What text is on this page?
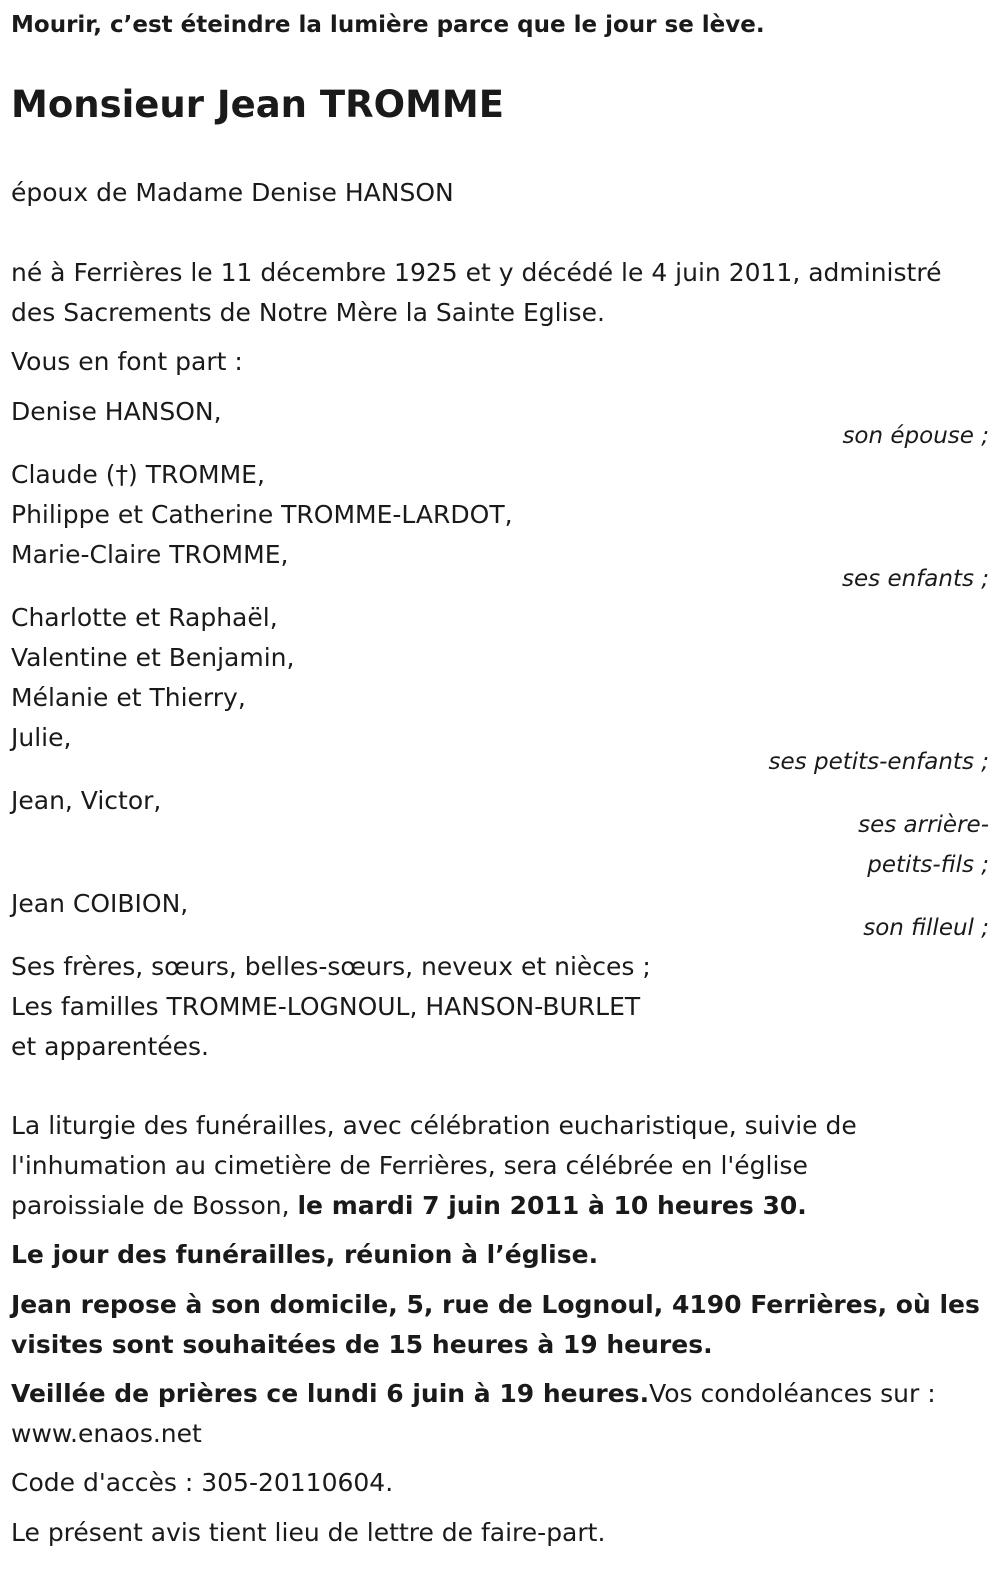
Mourir, c’est éteindre la lumière parce que le jour se lève.
Monsieur Jean TROMME
époux de Madame Denise HANSON
né à Ferrières le 11 décembre 1925 et y décédé le 4 juin 2011, administré
des Sacrements de Notre Mère la Sainte Eglise.
Vous en font part :
Denise HANSON,
son épouse ;
Claude (†) TROMME,
Philippe et Catherine TROMME-LARDOT,
Marie-Claire TROMME,
ses enfants ;
Charlotte et Raphaël,
Valentine et Benjamin,
Mélanie et Thierry,
Julie,
ses petits-enfants ;
Jean, Victor,
ses arrière-
petits-fils ;
Jean COIBION,
son filleul ;
Ses frères, sœurs, belles-sœurs, neveux et nièces ;
Les familles TROMME-LOGNOUL, HANSON-BURLET
et apparentées.
La liturgie des funérailles, avec célébration eucharistique, suivie de
l'inhumation au cimetière de Ferrières, sera célébrée en l'église
paroissiale de Bosson, le mardi 7 juin 2011 à 10 heures 30.
Le jour des funérailles, réunion à l’église.
Jean repose à son domicile, 5, rue de Lognoul, 4190 Ferrières, où les
visites sont souhaitées de 15 heures à 19 heures.
Veillée de prières ce lundi 6 juin à 19 heures.Vos condoléances sur :
www.enaos.net
Code d'accès : 305-20110604.
Le présent avis tient lieu de lettre de faire-part.
